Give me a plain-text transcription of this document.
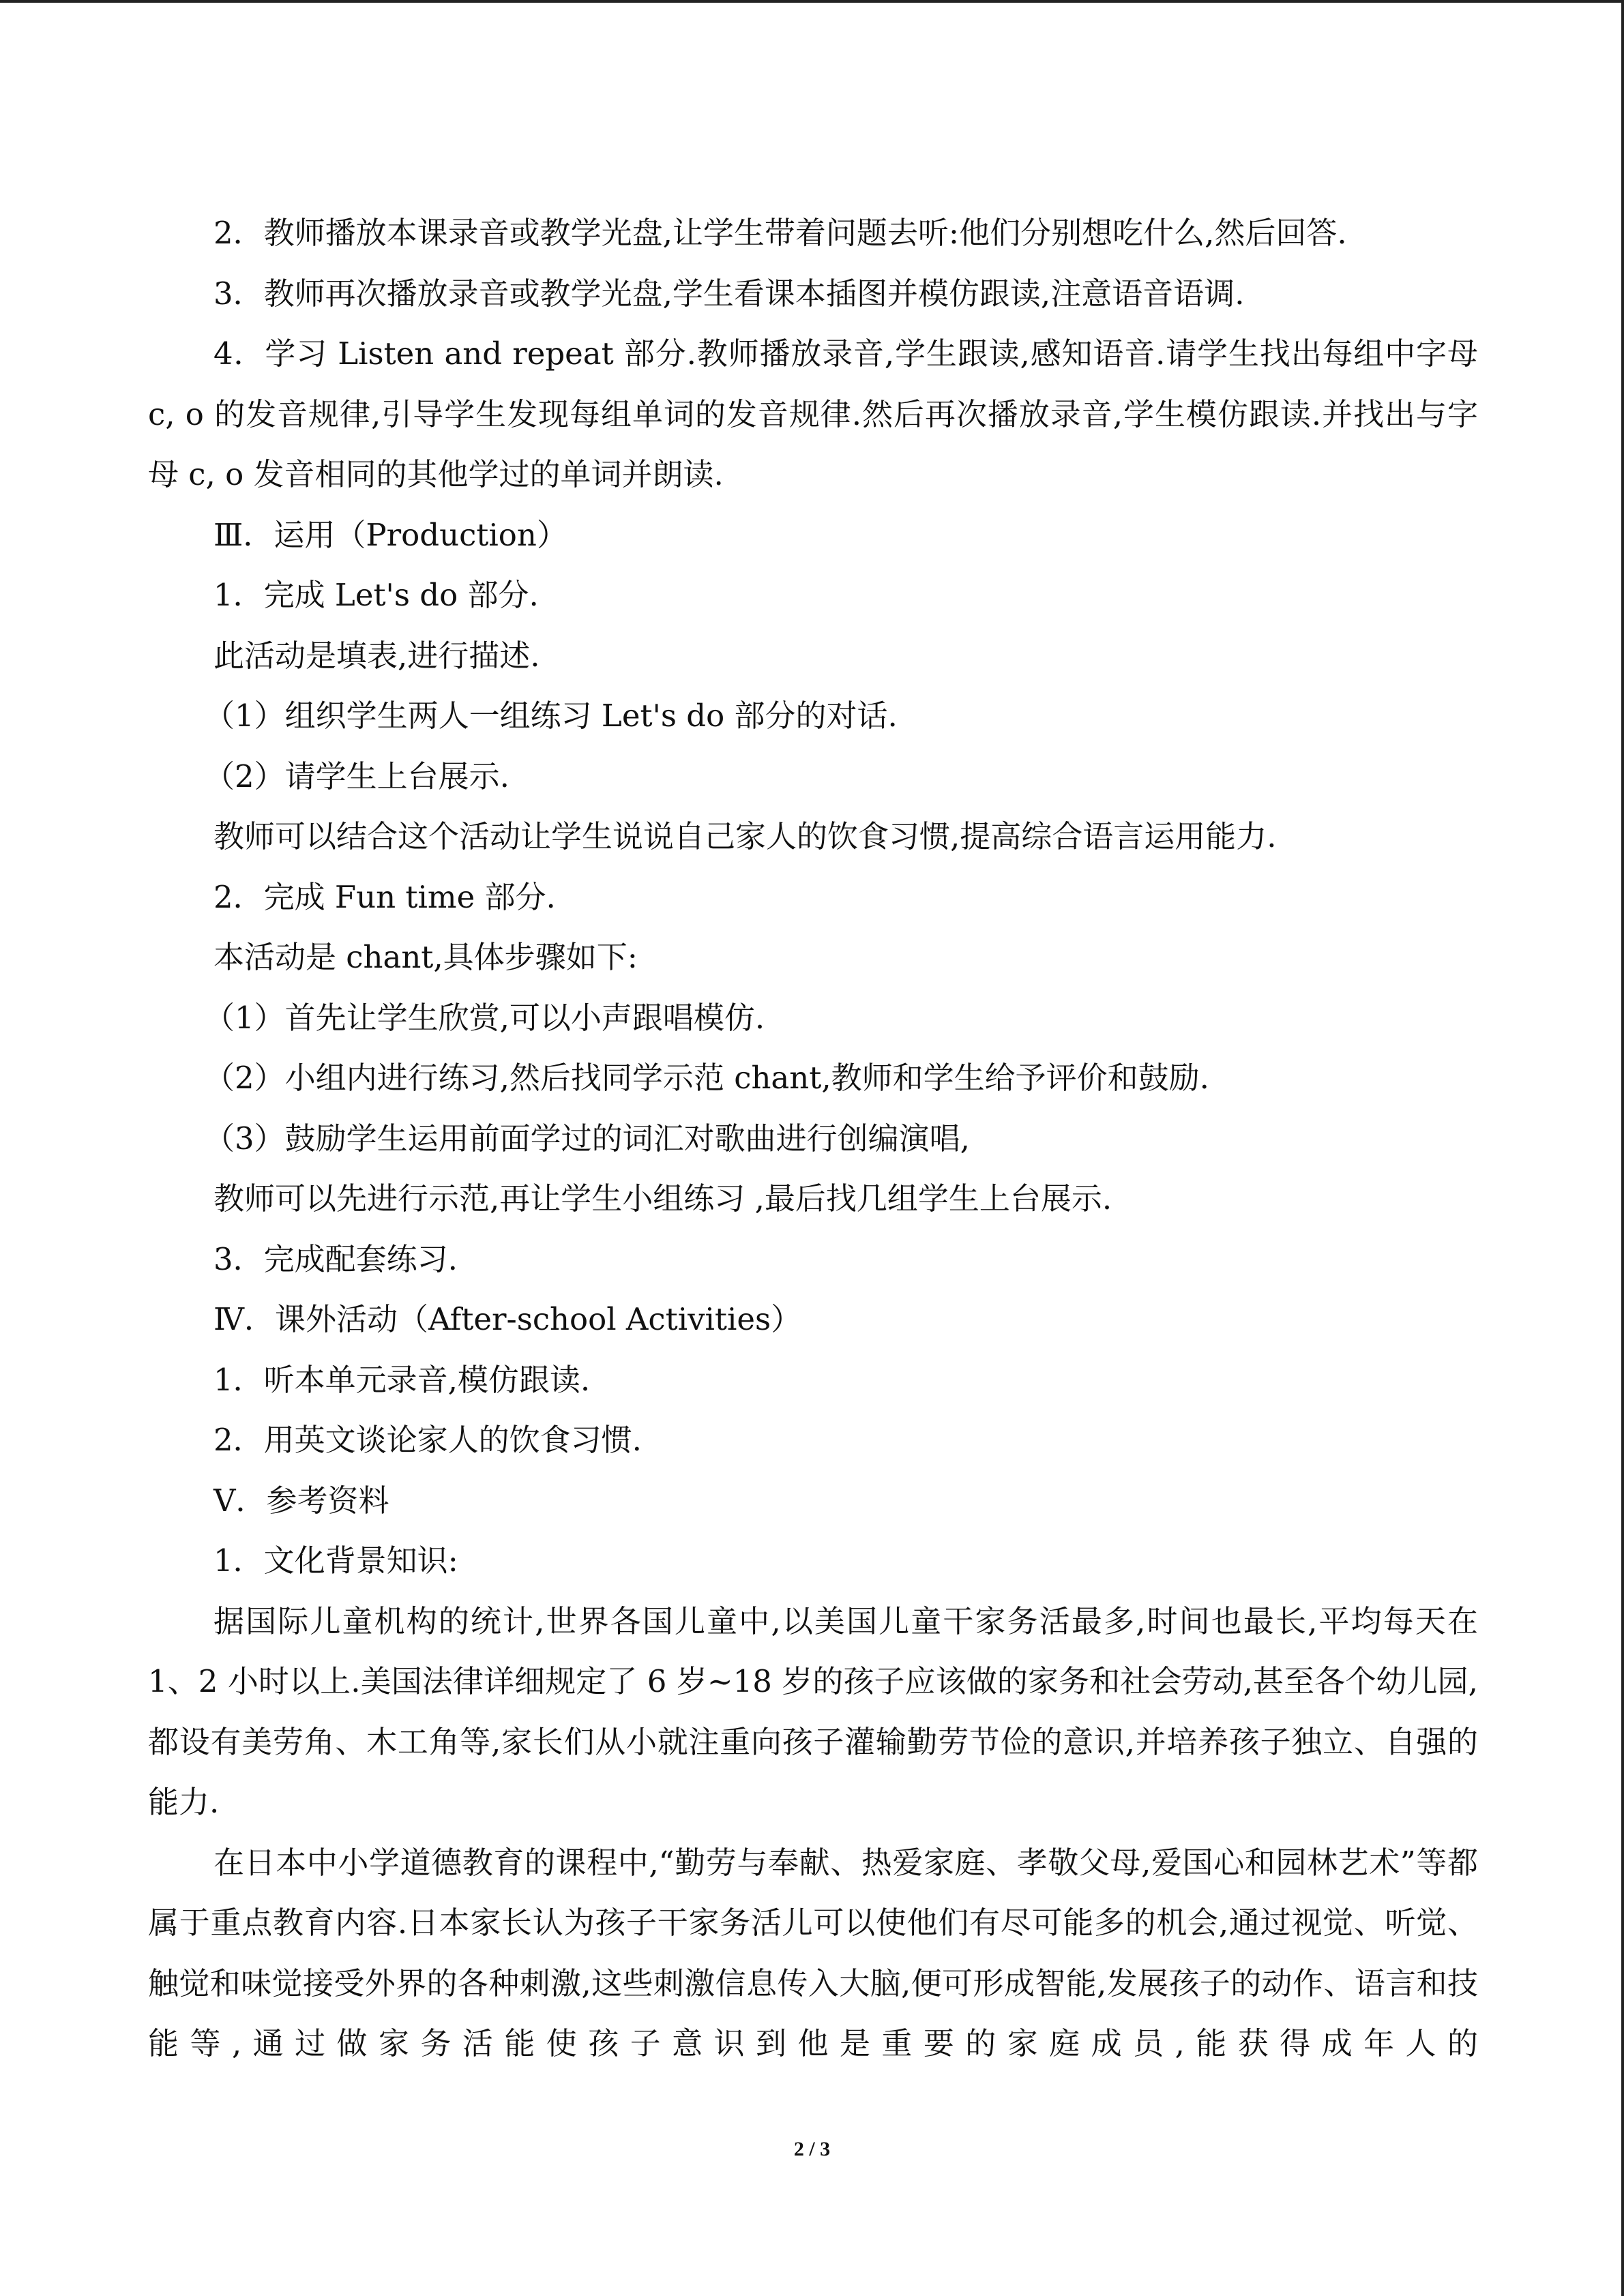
2．教师播放本课录音或教学光盘,让学生带着问题去听:他们分别想吃什么,然后回答.

3．教师再次播放录音或教学光盘,学生看课本插图并模仿跟读,注意语音语调.

4．学习 Listen and repeat 部分.教师播放录音,学生跟读,感知语音.请学生找出每组中字母 c, o 的发音规律,引导学生发现每组单词的发音规律.然后再次播放录音,学生模仿跟读.并找出与字母 c, o 发音相同的其他学过的单词并朗读.

Ⅲ．运用（Production）

1．完成 Let's do 部分.

此活动是填表,进行描述.

（1）组织学生两人一组练习 Let's do 部分的对话.

（2）请学生上台展示.

教师可以结合这个活动让学生说说自己家人的饮食习惯,提高综合语言运用能力.

2．完成 Fun time 部分.

本活动是 chant,具体步骤如下:

（1）首先让学生欣赏,可以小声跟唱模仿.

（2）小组内进行练习,然后找同学示范 chant,教师和学生给予评价和鼓励.

（3）鼓励学生运用前面学过的词汇对歌曲进行创编演唱,

教师可以先进行示范,再让学生小组练习 ,最后找几组学生上台展示.

3．完成配套练习.

Ⅳ．课外活动（After-school Activities）

1．听本单元录音,模仿跟读.

2．用英文谈论家人的饮食习惯.

Ⅴ．参考资料

1．文化背景知识:

据国际儿童机构的统计,世界各国儿童中,以美国儿童干家务活最多,时间也最长,平均每天在 1、2 小时以上.美国法律详细规定了 6 岁~18 岁的孩子应该做的家务和社会劳动,甚至各个幼儿园,都设有美劳角、木工角等,家长们从小就注重向孩子灌输勤劳节俭的意识,并培养孩子独立、自强的能力.

在日本中小学道德教育的课程中,“勤劳与奉献、热爱家庭、孝敬父母,爱国心和园林艺术”等都属于重点教育内容.日本家长认为孩子干家务活儿可以使他们有尽可能多的机会,通过视觉、听觉、触觉和味觉接受外界的各种刺激,这些刺激信息传入大脑,便可形成智能,发展孩子的动作、语言和技能等,通过做家务活能使孩子意识到他是重要的家庭成员,能获得成年人的

2 / 3
